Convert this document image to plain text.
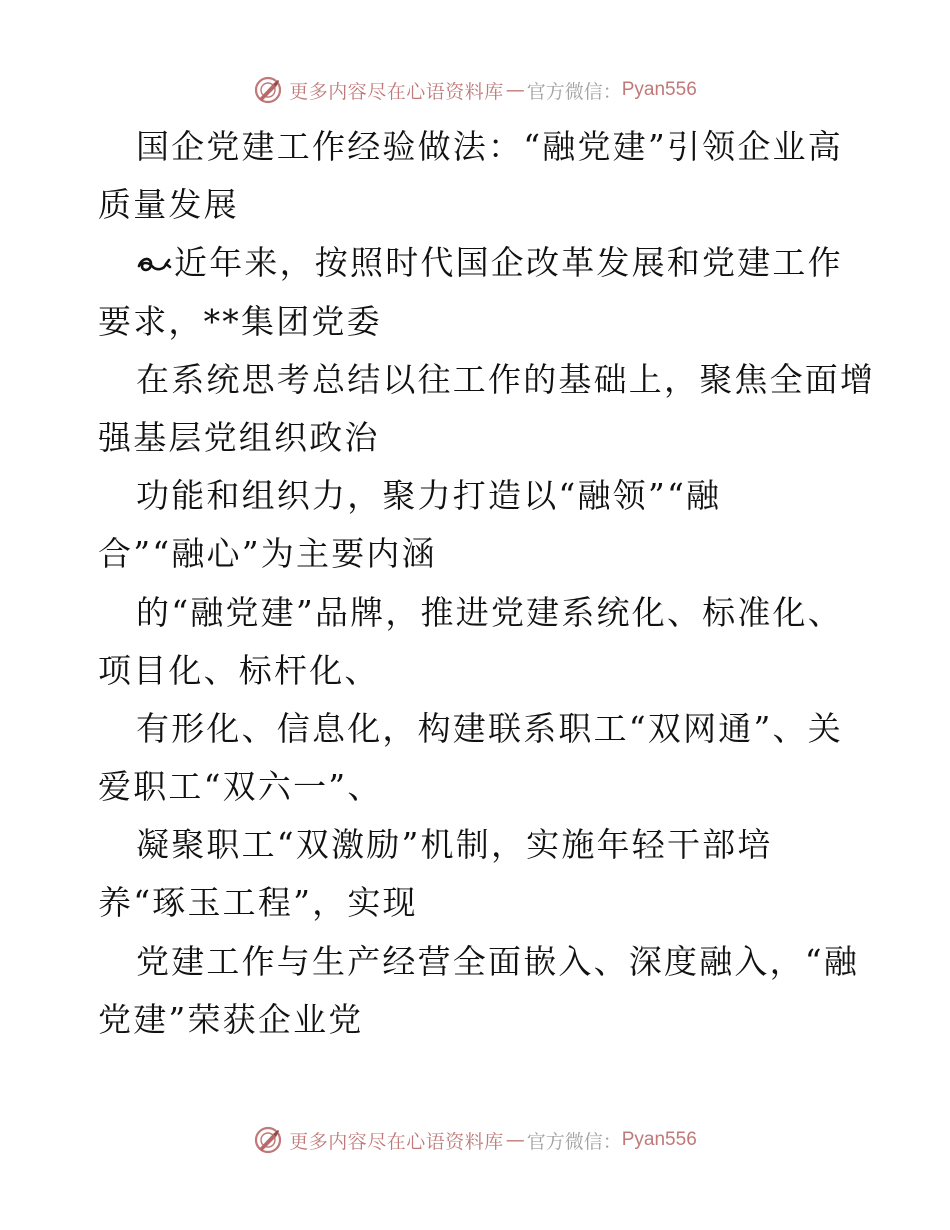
更多内容尽在心语资料库 — 官方微信： Pyan556
国企党建工作经验做法：“融党建”引领企业高
质量发展
近年来，按照时代国企改革发展和党建工作
要求，**集团党委
在系统思考总结以往工作的基础上，聚焦全面增
强基层党组织政治
功能和组织力，聚力打造以“融领”“融
合”“融心”为主要内涵
的“融党建”品牌，推进党建系统化、标准化、
项目化、标杆化、
有形化、信息化，构建联系职工“双网通”、关
爱职工“双六一”、
凝聚职工“双激励”机制，实施年轻干部培
养“琢玉工程”，实现
党建工作与生产经营全面嵌入、深度融入，“融
党建”荣获企业党
更多内容尽在心语资料库 — 官方微信： Pyan556
